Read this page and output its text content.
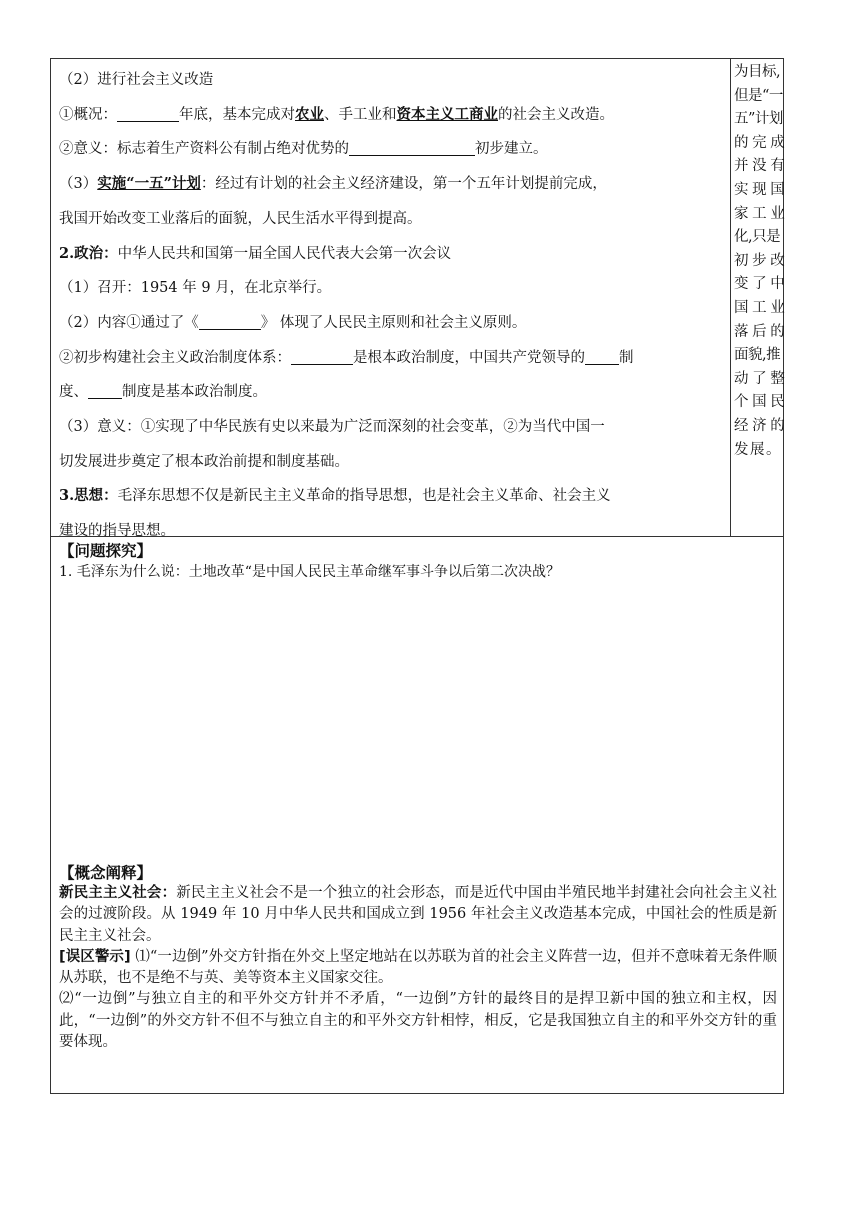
（2）进行社会主义改造

①概况：	年底，基本完成对农业、手工业和资本主义工商业的社会主义改造。

②意义：标志着生产资料公有制占绝对优势的	初步建立。

（3）实施“一五”计划：经过有计划的社会主义经济建设，第一个五年计划提前完成，

我国开始改变工业落后的面貌，人民生活水平得到提高。

2.政治：中华人民共和国第一届全国人民代表大会第一次会议

（1）召开：1954 年 9 月，在北京举行。

（2）内容①通过了《	》 体现了人民民主原则和社会主义原则。

②初步构建社会主义政治制度体系：	是根本政治制度，中国共产党领导的 制

度、 制度是基本政治制度。

（3）意义：①实现了中华民族有史以来最为广泛而深刻的社会变革，②为当代中国一

切发展进步奠定了根本政治前提和制度基础。

3.思想：毛泽东思想不仅是新民主主义革命的指导思想，也是社会主义革命、社会主义

建设的指导思想。

为目标,
但是“一
五”计划
的 完 成
并 没 有
实 现 国
家 工 业
化,只是
初 步 改
变 了 中
国 工 业
落 后 的
面貌,推
动 了 整
个 国 民
经 济 的
发展。

【问题探究】

1. 毛泽东为什么说：土地改革“是中国人民民主革命继军事斗争以后第二次决战？

【概念阐释】

新民主主义社会：新民主主义社会不是一个独立的社会形态，而是近代中国由半殖民地半封建社会向社会主义社会的过渡阶段。从 1949 年 10 月中华人民共和国成立到 1956 年社会主义改造基本完成，中国社会的性质是新民主主义社会。

[误区警示] ⑴“一边倒”外交方针指在外交上坚定地站在以苏联为首的社会主义阵营一边，但并不意味着无条件顺从苏联，也不是绝不与英、美等资本主义国家交往。

⑵“一边倒”与独立自主的和平外交方针并不矛盾，“一边倒”方针的最终目的是捍卫新中国的独立和主权，因此，“一边倒”的外交方针不但不与独立自主的和平外交方针相悖，相反，它是我国独立自主的和平外交方针的重要体现。
